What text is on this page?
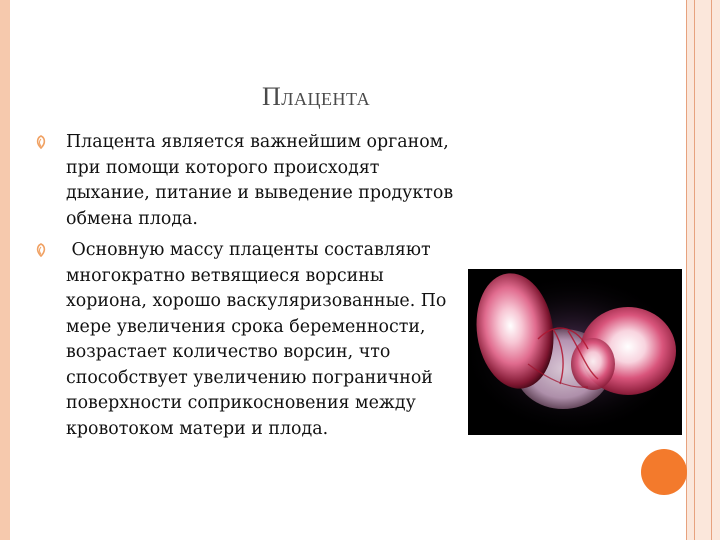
Плацента
Плацента является важнейшим органом, при помощи которого происходят дыхание, питание и выведение продуктов обмена плода.
Основную массу плаценты составляют многократно ветвящиеся ворсины хориона, хорошо васкуляризованные. По мере увеличения срока беременности, возрастает количество ворсин, что способствует увеличению пограничной поверхности соприкосновения между кровотоком матери и плода.
